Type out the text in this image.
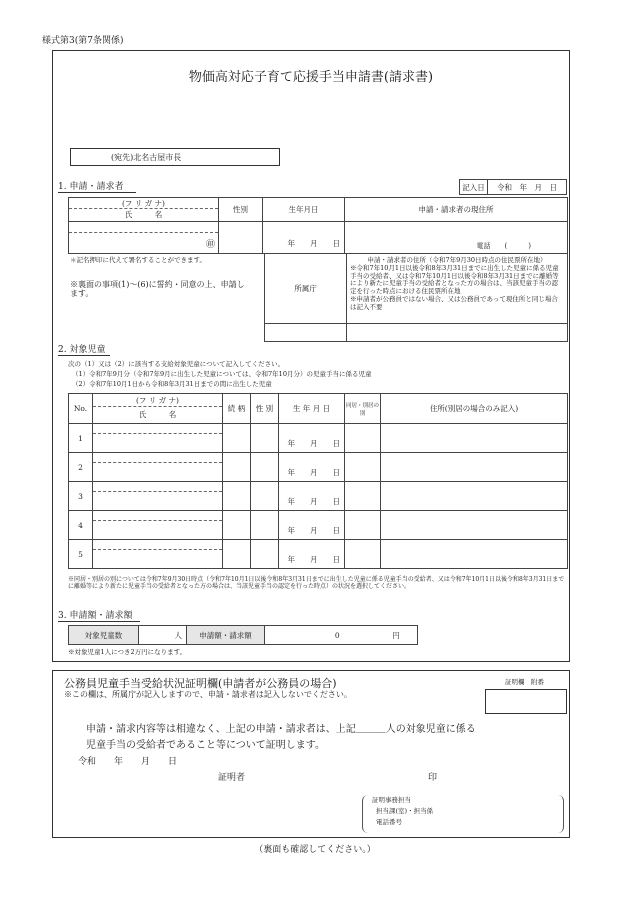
様式第3(第7条関係)
物価高対応子育て応援手当申請書(請求書)
(宛先)北名古屋市長
1. 申請・請求者	記入日	令和　年　月　日
(フ リ ガ ナ)
氏　　　名	性別	生年月日	申請・請求者の現住所

㊞		年　　月　　日	電話　　(　　　)
＊記名押印に代えて署名することができます。
※裏面の事項(1)～(6)に誓約・同意の上、申請します。
所属庁	申請・請求者の住所（令和7年9月30日時点の住民票所在地）
※令和7年10月1日以後令和8年3月31日までに出生した児童に係る児童手当の受給者、又は令和7年10月1日以後令和8年3月31日までに離婚等により新たに児童手当の受給者となった方の場合は、当該児童手当の認定を行った時点における住民票所在地
※申請者が公務員ではない場合、又は公務員であって現住所と同じ場合は記入不要

2. 対象児童
次の（1）又は（2）に該当する支給対象児童について記入してください。
（1）令和7年9月分（令和7年9月に出生した児童については、令和7年10月分）の児童手当に係る児童
（2）令和7年10月1日から令和8年3月31日までの間に出生した児童
No.	(フ リ ガ ナ)
氏　　　名	続 柄	性 別	生 年 月 日	同居・別居の別	住所(別居の場合のみ記入)
1				年　　月　　日		
2				年　　月　　日		
3				年　　月　　日		
4				年　　月　　日		
5				年　　月　　日		
※同居・別居の別については令和7年9月30日時点（令和7年10月1日以後令和8年3月31日までに出生した児童に係る児童手当の受給者、又は令和7年10月1日以後令和8年3月31日までに離婚等により新たに児童手当の受給者となった方の場合は、当該児童手当の認定を行った時点）の状況を選択してください。
3. 申請額・請求額
対象児童数	人	申請額・請求額	0	円
※対象児童1人につき2万円になります。
公務員児童手当受給状況証明欄(申請者が公務員の場合)	証明欄　附番
※この欄は、所属庁が記入しますので、申請・請求者は記入しないでください。
申請・請求内容等は相違なく、上記の申請・請求者は、上記＿＿＿人の対象児童に係る
児童手当の受給者であること等について証明します。
令和　　年　　月　　日
証明者	印
証明事務担当
担当課(室)・担当係
電話番号
（裏面も確認してください。）
